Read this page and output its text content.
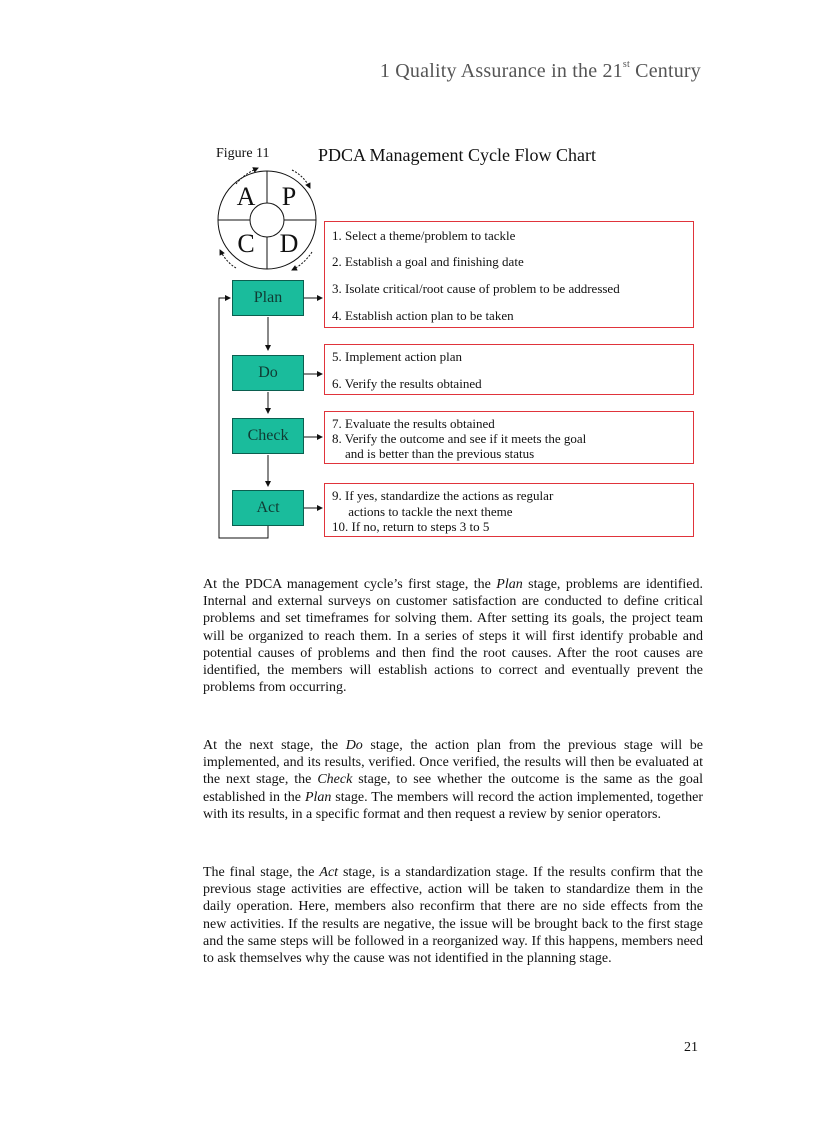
1 Quality Assurance in the 21st Century
Figure 11	PDCA Management Cycle Flow Chart
A P
C D
Plan
Do
Check
Act
1. Select a theme/problem to tackle
2. Establish a goal and finishing date
3. Isolate critical/root cause of problem to be addressed
4. Establish action plan to be taken
5. Implement action plan
6. Verify the results obtained
7. Evaluate the results obtained
8. Verify the outcome and see if it meets the goal
and is better than the previous status
9. If yes, standardize the actions as regular
actions to tackle the next theme
10. If no, return to steps 3 to 5

At the PDCA management cycle’s first stage, the Plan stage, problems are identified. Internal and external surveys on customer satisfaction are conducted to define critical problems and set timeframes for solving them. After setting its goals, the project team will be organized to reach them. In a series of steps it will first identify probable and potential causes of problems and then find the root causes. After the root causes are identified, the members will establish actions to correct and eventually prevent the problems from occurring.

At the next stage, the Do stage, the action plan from the previous stage will be implemented, and its results, verified. Once verified, the results will then be evaluated at the next stage, the Check stage, to see whether the outcome is the same as the goal established in the Plan stage. The members will record the action implemented, together with its results, in a specific format and then request a review by senior operators.

The final stage, the Act stage, is a standardization stage. If the results confirm that the previous stage activities are effective, action will be taken to standardize them in the daily operation. Here, members also reconfirm that there are no side effects from the new activities. If the results are negative, the issue will be brought back to the first stage and the same steps will be followed in a reorganized way. If this happens, members need to ask themselves why the cause was not identified in the planning stage.

21
